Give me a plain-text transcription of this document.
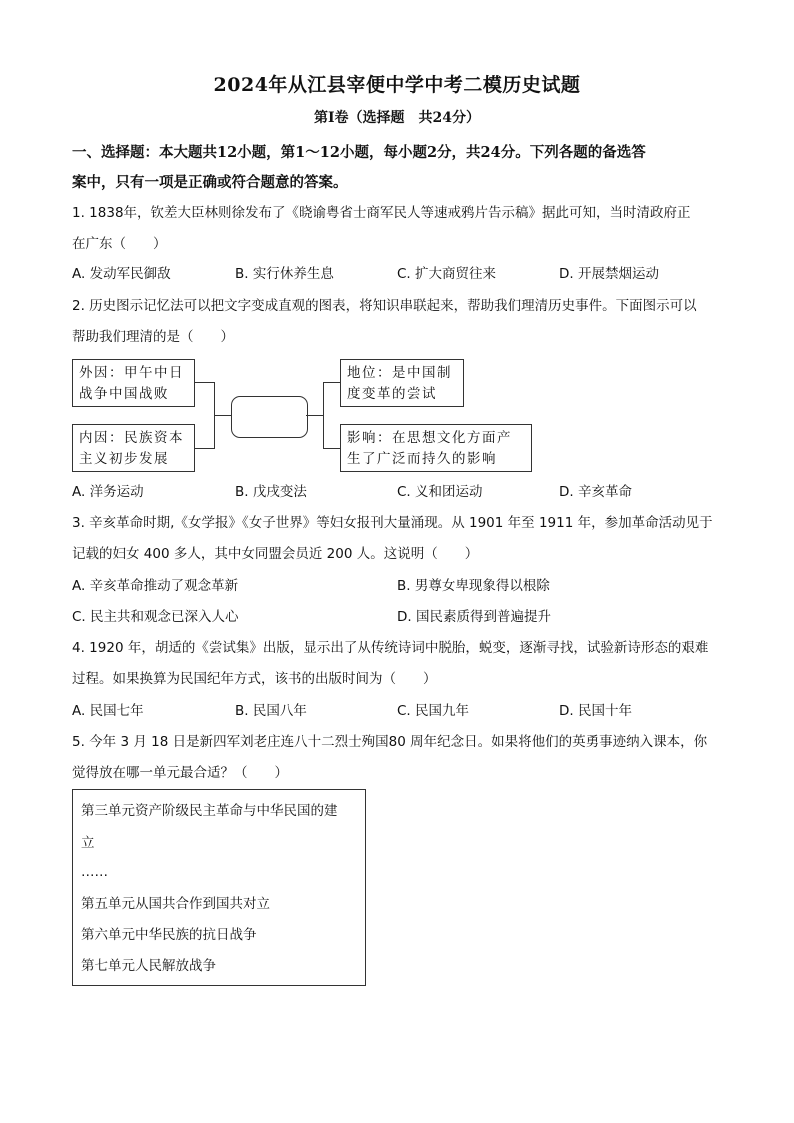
2024年从江县宰便中学中考二模历史试题
第Ⅰ卷（选择题　共24分）
一、选择题：本大题共12小题，第1～12小题，每小题2分，共24分。下列各题的备选答
案中，只有一项是正确或符合题意的答案。
1. 1838年，钦差大臣林则徐发布了《晓谕粤省士商军民人等速戒鸦片告示稿》据此可知，当时清政府正
在广东（　　）
A. 发动军民御敌	B. 实行休养生息	C. 扩大商贸往来	D. 开展禁烟运动
2. 历史图示记忆法可以把文字变成直观的图表，将知识串联起来，帮助我们理清历史事件。下面图示可以
帮助我们理清的是（　　）
外因：甲午中日
战争中国战败
内因：民族资本
主义初步发展
地位：是中国制
度变革的尝试
影响：在思想文化方面产
生了广泛而持久的影响
A. 洋务运动	B. 戊戌变法	C. 义和团运动	D. 辛亥革命
3. 辛亥革命时期,《女学报》《女子世界》等妇女报刊大量涌现。从 1901 年至 1911 年，参加革命活动见于
记载的妇女 400 多人，其中女同盟会员近 200 人。这说明（　　）
A. 辛亥革命推动了观念革新	B. 男尊女卑现象得以根除
C. 民主共和观念已深入人心	D. 国民素质得到普遍提升
4. 1920 年，胡适的《尝试集》出版，显示出了从传统诗词中脱胎，蜕变，逐渐寻找，试验新诗形态的艰难
过程。如果换算为民国纪年方式，该书的出版时间为（　　）
A. 民国七年	B. 民国八年	C. 民国九年	D. 民国十年
5. 今年 3 月 18 日是新四军刘老庄连八十二烈士殉国80 周年纪念日。如果将他们的英勇事迹纳入课本，你
觉得放在哪一单元最合适？（　　）
第三单元资产阶级民主革命与中华民国的建
立
……
第五单元从国共合作到国共对立
第六单元中华民族的抗日战争
第七单元人民解放战争
